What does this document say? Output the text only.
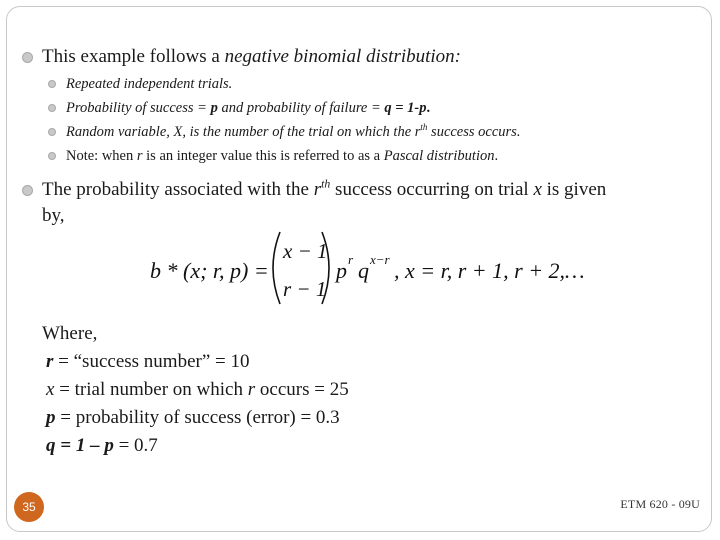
This example follows a negative binomial distribution:
Repeated independent trials.
Probability of success = p and probability of failure = q = 1-p.
Random variable, X, is the number of the trial on which the $r^{th}$ success occurs.
Note: when r is an integer value this is referred to as a Pascal distribution.
The probability associated with the $r^{th}$ success occurring on trial x is given
by,
b * (x; r, p) =
x − 1
r − 1
p r q x−r , x = r, r + 1, r + 2,…
Where,
r = “success number” = 10
x = trial number on which r occurs = 25
p = probability of success (error) = 0.3
q = 1 – p = 0.7
35	ETM 620 - 09U
